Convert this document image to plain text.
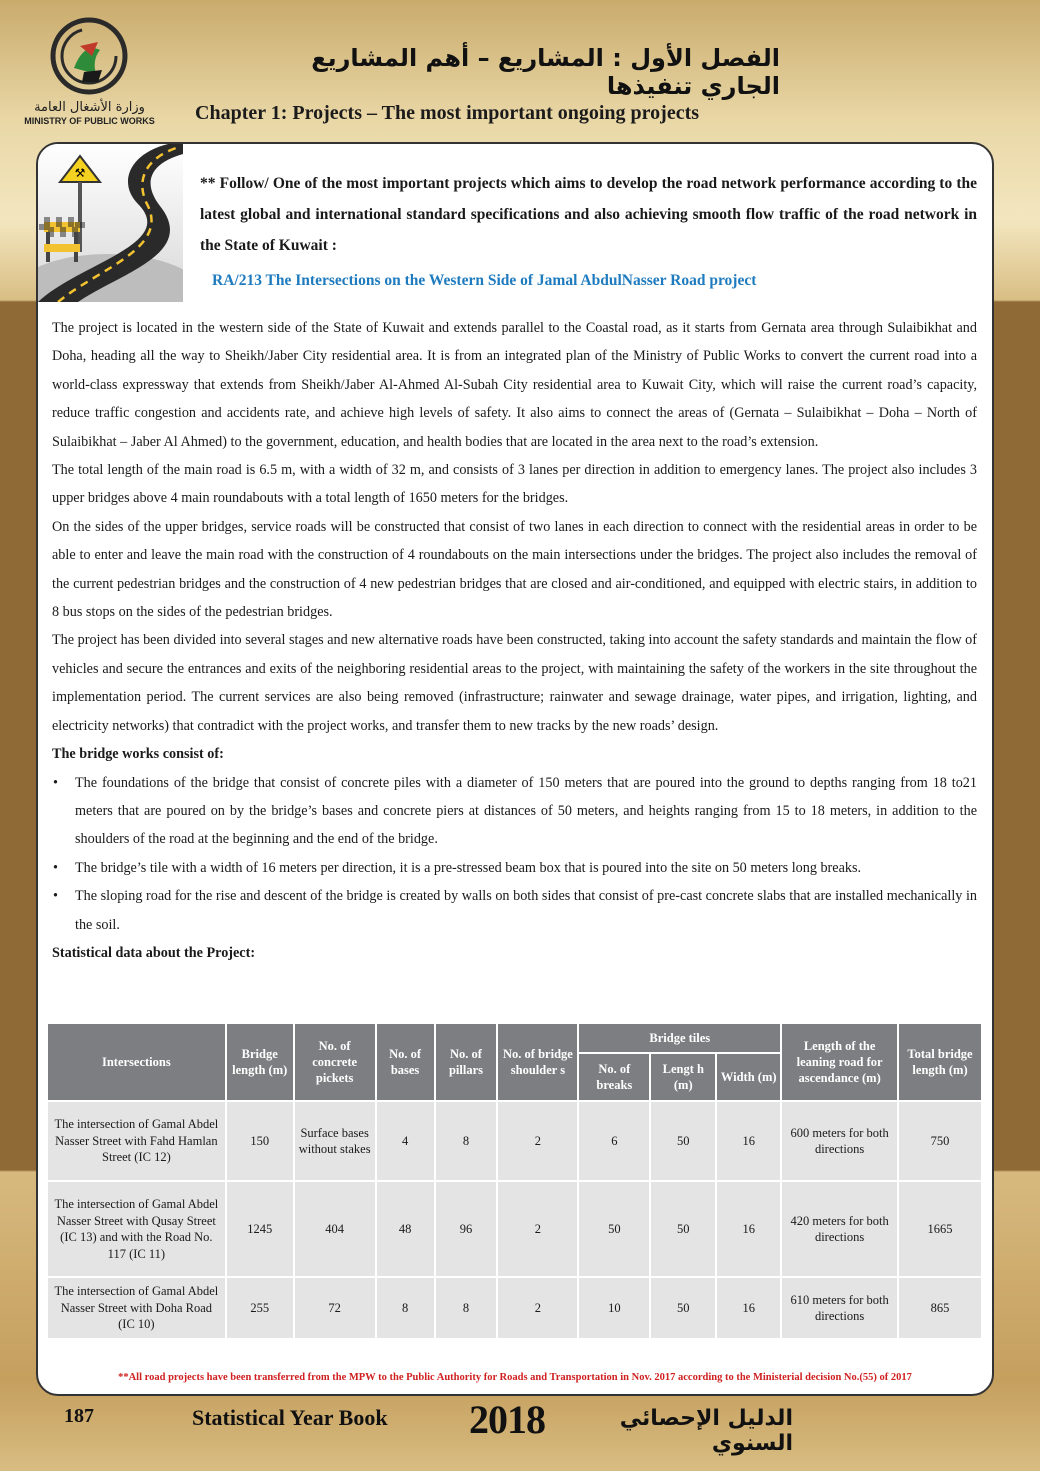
وزارة الأشغال العامة
MINISTRY OF PUBLIC WORKS
الفصل الأول : المشاريع – أهم المشاريع الجاري تنفيذها
Chapter 1: Projects – The most important ongoing projects
⚒
** Follow/ One of the most important projects which aims to develop the road network performance according to the latest global and international standard specifications and also achieving smooth flow traffic of the road network in the State of Kuwait :
RA/213 The Intersections on the Western Side of Jamal AbdulNasser Road project

The project is located in the western side of the State of Kuwait and extends parallel to the Coastal road, as it starts from Gernata area through Sulaibikhat and Doha, heading all the way to Sheikh/Jaber City residential area. It is from an integrated plan of the Ministry of Public Works to convert the current road into a world-class expressway that extends from Sheikh/Jaber Al-Ahmed Al-Subah City residential area to Kuwait City, which will raise the current road’s capacity, reduce traffic congestion and accidents rate, and achieve high levels of safety. It also aims to connect the areas of (Gernata – Sulaibikhat – Doha – North of Sulaibikhat – Jaber Al Ahmed) to the government, education, and health bodies that are located in the area next to the road’s extension.

The total length of the main road is 6.5 m, with a width of 32 m, and consists of 3 lanes per direction in addition to emergency lanes. The project also includes 3 upper bridges above 4 main roundabouts with a total length of 1650 meters for the bridges.

On the sides of the upper bridges, service roads will be constructed that consist of two lanes in each direction to connect with the residential areas in order to be able to enter and leave the main road with the construction of 4 roundabouts on the main intersections under the bridges. The project also includes the removal of the current pedestrian bridges and the construction of 4 new pedestrian bridges that are closed and air-conditioned, and equipped with electric stairs, in addition to 8 bus stops on the sides of the pedestrian bridges.

The project has been divided into several stages and new alternative roads have been constructed, taking into account the safety standards and maintain the flow of vehicles and secure the entrances and exits of the neighboring residential areas to the project, with maintaining the safety of the workers in the site throughout the implementation period. The current services are also being removed (infrastructure; rainwater and sewage drainage, water pipes, and irrigation, lighting, and electricity networks) that contradict with the project works, and transfer them to new tracks by the new roads’ design.

The bridge works consist of:

• The foundations of the bridge that consist of concrete piles with a diameter of 150 meters that are poured into the ground to depths ranging from 18 to21 meters that are poured on by the bridge’s bases and concrete piers at distances of 50 meters, and heights ranging from 15 to 18 meters, in addition to the shoulders of the road at the beginning and the end of the bridge.
• The bridge’s tile with a width of 16 meters per direction, it is a pre-stressed beam box that is poured into the site on 50 meters long breaks.
• The sloping road for the rise and descent of the bridge is created by walls on both sides that consist of pre-cast concrete slabs that are installed mechanically in the soil.

Statistical data about the Project:

Intersections	Bridge length (m)	No. of concrete pickets	No. of bases	No. of pillars	No. of bridge shoulder s	Bridge tiles			Length of the leaning road for ascendance (m)	Total bridge length (m)
						No. of breaks	Lengt h (m)	Width (m)		
The intersection of Gamal Abdel Nasser Street with Fahd Hamlan Street (IC 12)	150	Surface bases without stakes	4	8	2	6	50	16	600 meters for both directions	750
The intersection of Gamal Abdel Nasser Street with Qusay Street (IC 13) and with the Road No. 117 (IC 11)	1245	404	48	96	2	50	50	16	420 meters for both directions	1665
The intersection of Gamal Abdel Nasser Street with Doha Road (IC 10)	255	72	8	8	2	10	50	16	610 meters for both directions	865
**All road projects have been transferred from the MPW to the Public Authority for Roads and Transportation in Nov. 2017 according to the Ministerial decision No.(55) of 2017
187	Statistical Year Book 2018	الدليل الإحصائي السنوي
